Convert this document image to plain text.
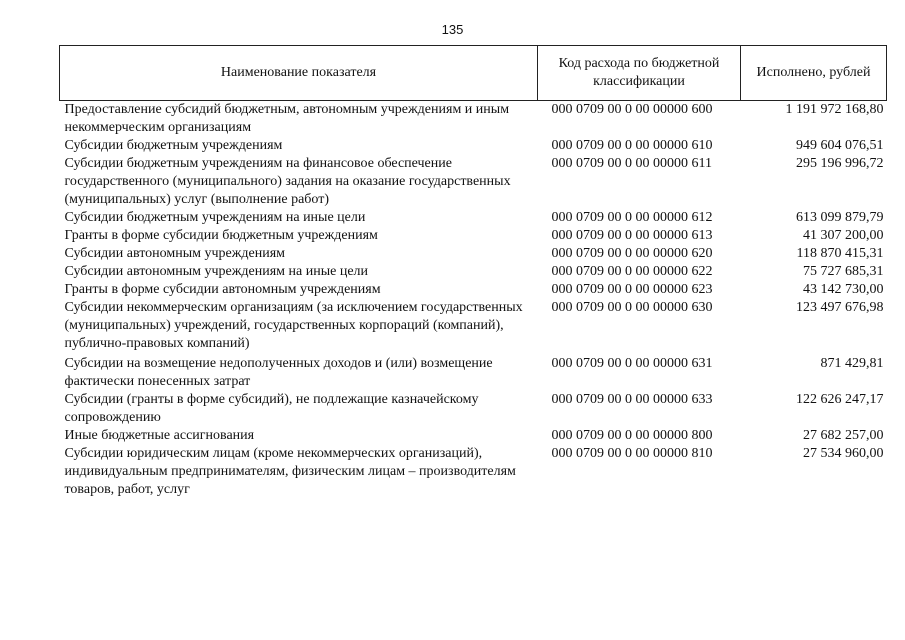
135
Наименование показателя	Код расхода по бюджетной классификации	Исполнено, рублей
Предоставление субсидий бюджетным, автономным учреждениям и иным некоммерческим организациям	000 0709 00 0 00 00000 600	1 191 972 168,80
Субсидии бюджетным учреждениям	000 0709 00 0 00 00000 610	949 604 076,51
Субсидии бюджетным учреждениям на финансовое обеспечение государственного (муниципального) задания на оказание государственных (муниципальных) услуг (выполнение работ)	000 0709 00 0 00 00000 611	295 196 996,72
Субсидии бюджетным учреждениям на иные цели	000 0709 00 0 00 00000 612	613 099 879,79
Гранты в форме субсидии бюджетным учреждениям	000 0709 00 0 00 00000 613	41 307 200,00
Субсидии автономным учреждениям	000 0709 00 0 00 00000 620	118 870 415,31
Субсидии автономным учреждениям на иные цели	000 0709 00 0 00 00000 622	75 727 685,31
Гранты в форме субсидии автономным учреждениям	000 0709 00 0 00 00000 623	43 142 730,00
Субсидии некоммерческим организациям (за исключением государственных (муниципальных) учреждений, государственных корпораций (компаний), публично-правовых компаний)	000 0709 00 0 00 00000 630	123 497 676,98
Субсидии на возмещение недополученных доходов и (или) возмещение фактически понесенных затрат	000 0709 00 0 00 00000 631	871 429,81
Субсидии (гранты в форме субсидий), не подлежащие казначейскому сопровождению	000 0709 00 0 00 00000 633	122 626 247,17
Иные бюджетные ассигнования	000 0709 00 0 00 00000 800	27 682 257,00
Субсидии юридическим лицам (кроме некоммерческих организаций), индивидуальным предпринимателям, физическим лицам – производителям товаров, работ, услуг	000 0709 00 0 00 00000 810	27 534 960,00
